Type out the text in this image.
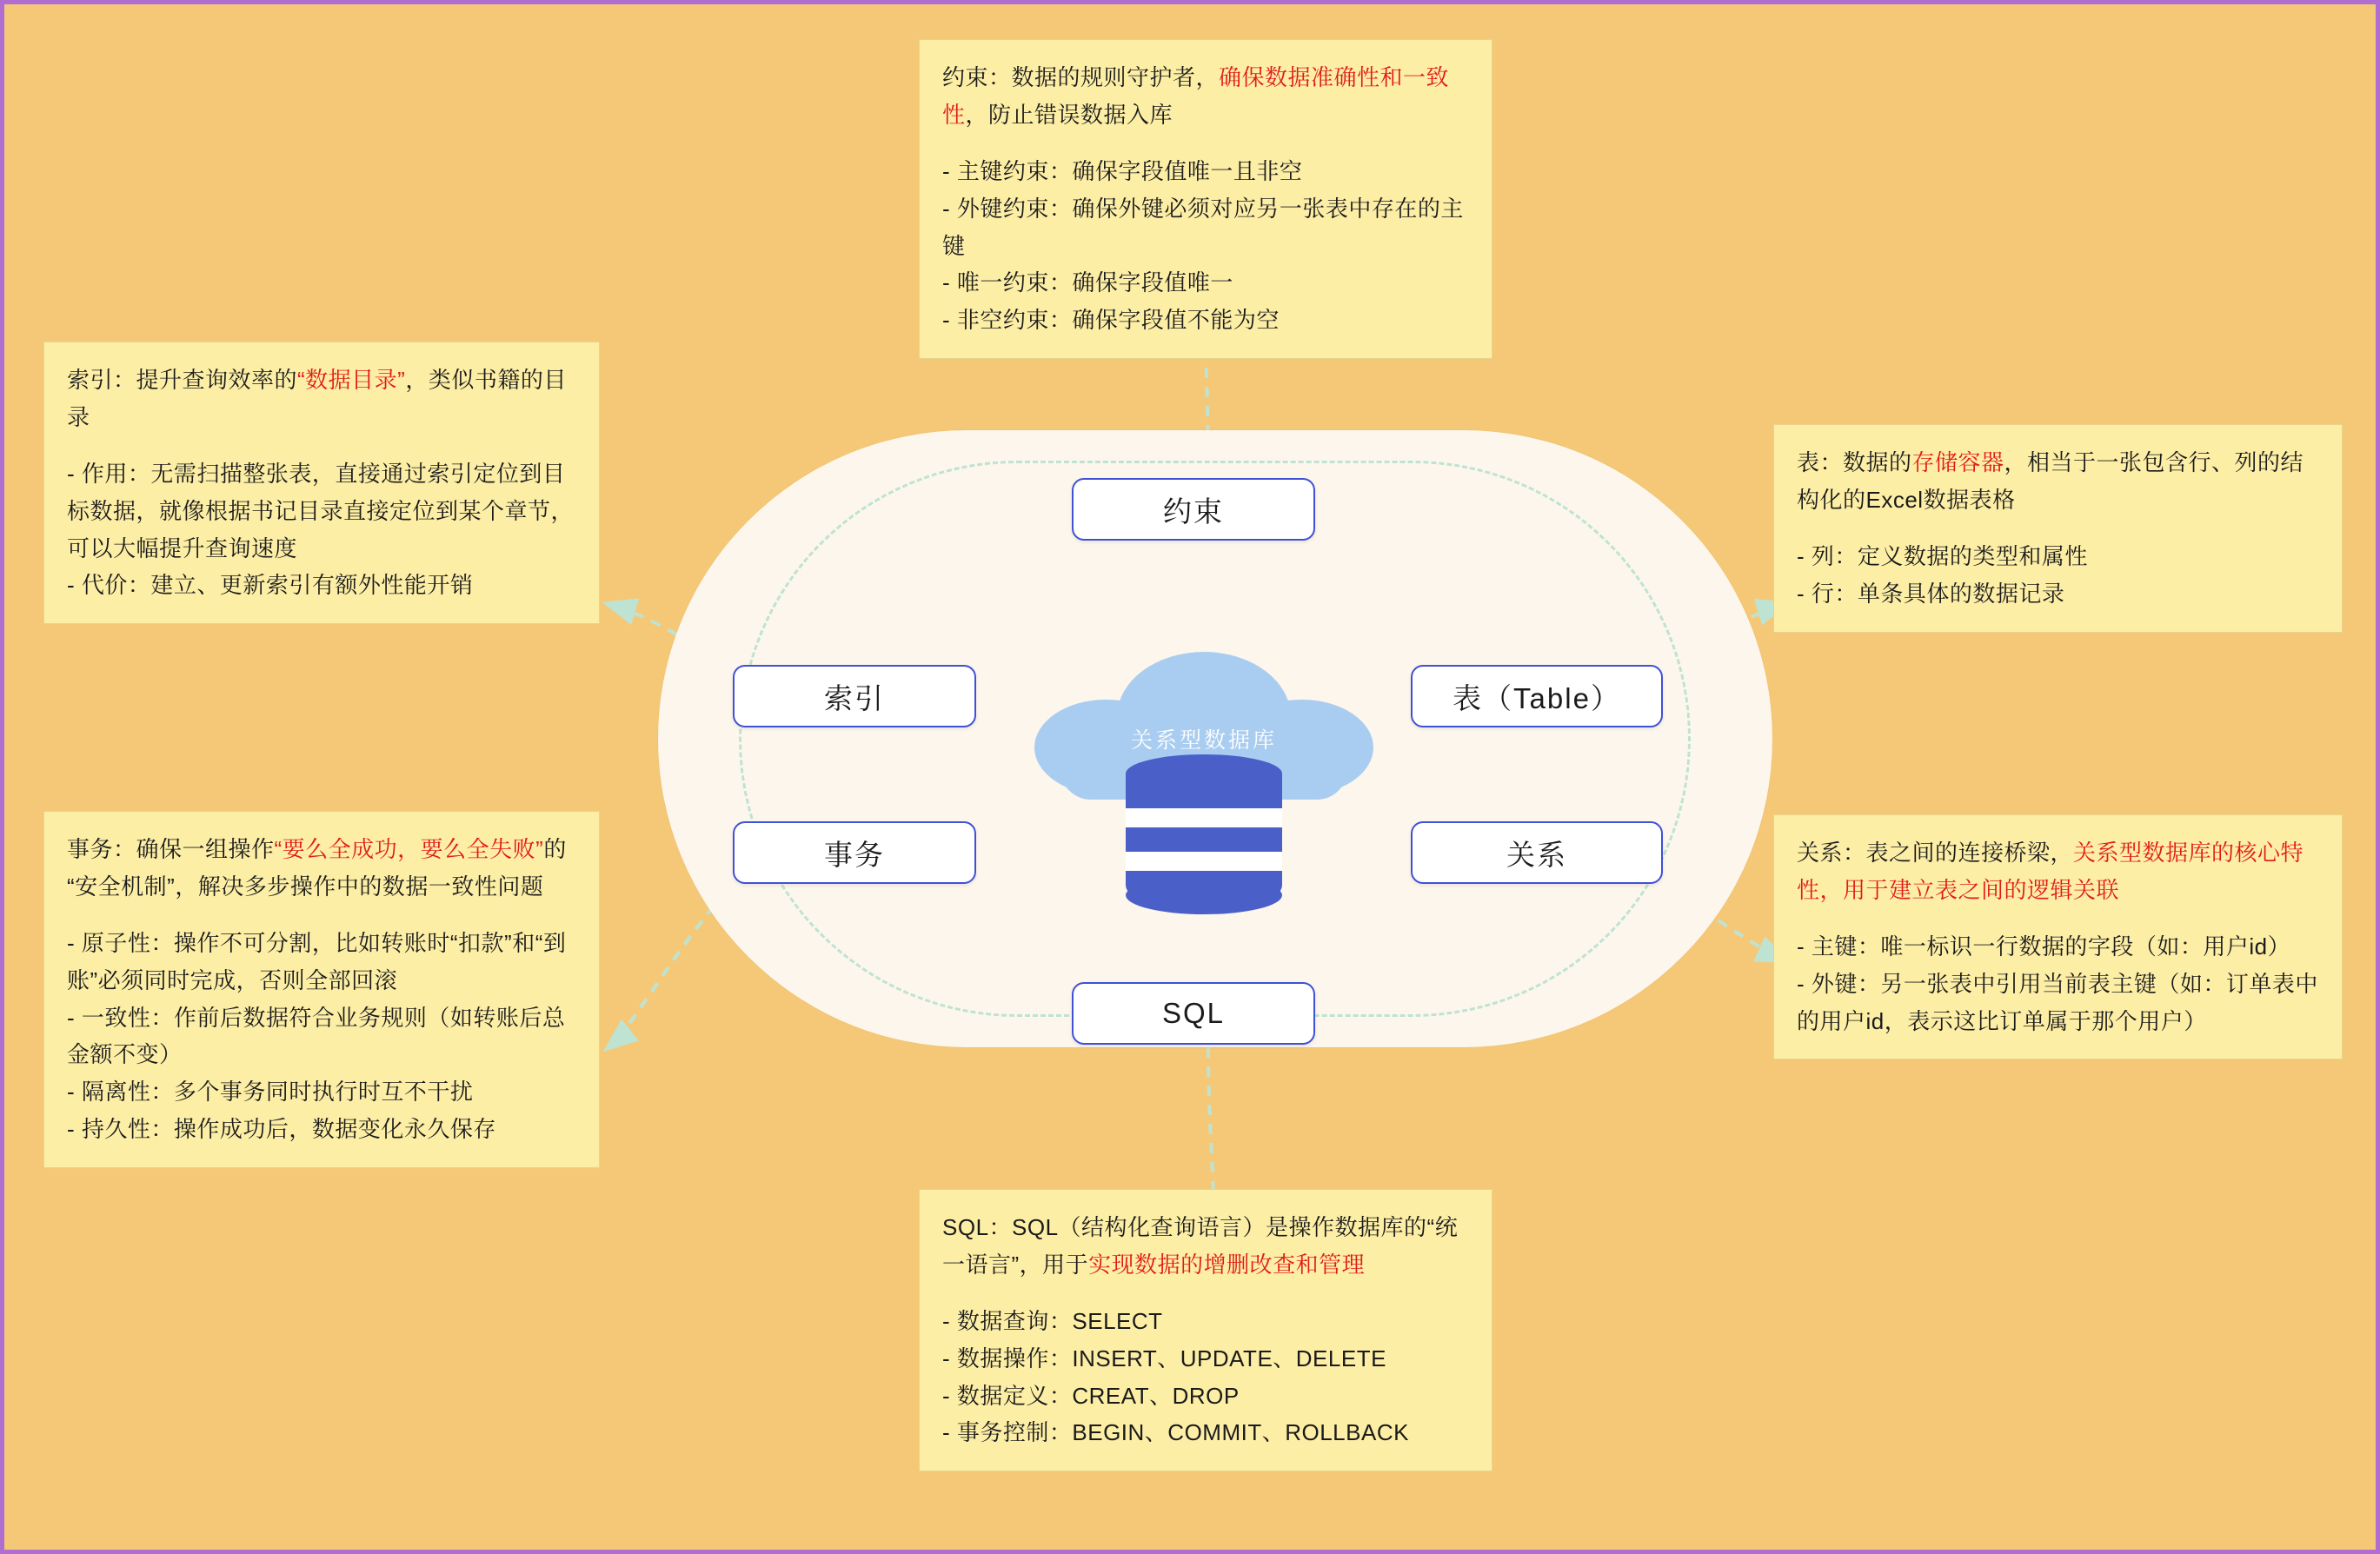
关系型数据库
约束
索引	表（Table）
事务	关系
SQL
约束：数据的规则守护者，确保数据准确性和一致性，防止错误数据入库
- 主键约束：确保字段值唯一且非空
- 外键约束：确保外键必须对应另一张表中存在的主键
- 唯一约束：确保字段值唯一
- 非空约束：确保字段值不能为空
索引：提升查询效率的“数据目录”，类似书籍的目录
- 作用：无需扫描整张表，直接通过索引定位到目标数据，就像根据书记目录直接定位到某个章节，可以大幅提升查询速度
- 代价：建立、更新索引有额外性能开销
表：数据的存储容器，相当于一张包含行、列的结构化的Excel数据表格
- 列：定义数据的类型和属性
- 行：单条具体的数据记录
关系：表之间的连接桥梁，关系型数据库的核心特性，用于建立表之间的逻辑关联
- 主键：唯一标识一行数据的字段（如：用户id）
- 外键：另一张表中引用当前表主键（如：订单表中的用户id，表示这比订单属于那个用户）
事务：确保一组操作“要么全成功，要么全失败”的“安全机制”，解决多步操作中的数据一致性问题
- 原子性：操作不可分割，比如转账时“扣款”和“到账”必须同时完成，否则全部回滚
- 一致性：作前后数据符合业务规则（如转账后总金额不变）
- 隔离性：多个事务同时执行时互不干扰
- 持久性：操作成功后，数据变化永久保存
SQL：SQL（结构化查询语言）是操作数据库的“统一语言”，用于实现数据的增删改查和管理
- 数据查询：SELECT
- 数据操作：INSERT、UPDATE、DELETE
- 数据定义：CREAT、DROP
- 事务控制：BEGIN、COMMIT、ROLLBACK
